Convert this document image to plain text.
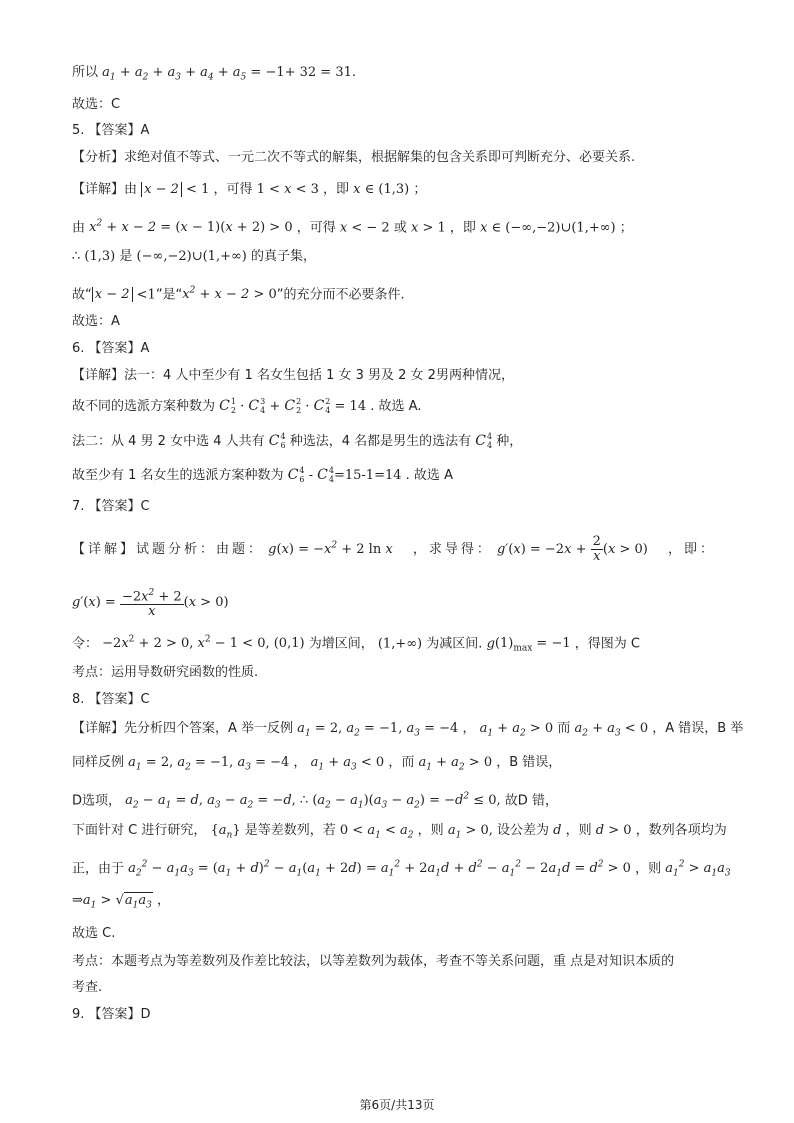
所以 $a_1 + a_2 + a_3 + a_4 + a_5 = -1+ 32 = 31$.
故选：C
5. 【答案】A
【分析】求绝对值不等式、一元二次不等式的解集，根据解集的包含关系即可判断充分、必要关系.
【详解】由 x − 2 < 1 ，可得 1 < x < 3 ，即 x ∈ (1,3) ；
由 $x^2 + x - 2 = (x - 1)(x + 2) > 0$ ，可得 x < − 2 或 x > 1 ，即 x ∈ (−∞,−2)∪(1,+∞) ；
∴ (1,3) 是 (−∞,−2)∪(1,+∞) 的真子集，
故“ x − 2 <1”是“$x^2 + x - 2 > 0$”的充分而不必要条件.
故选：A
6. 【答案】A
【详解】法一：4 人中至少有 1 名女生包括 1 女 3 男及 2 女 2男两种情况，
故不同的选派方案种数为 C 1
2 · C 3
4 + C 2
2 · C 2
4 = 14 . 故选 A.
法二：从 4 男 2 女中选 4 人共有 C 4
6 种选法，4 名都是男生的选法有 C 4
4 种，
故至少有 1 名女生的选派方案种数为 C 4
6 - C 4
4 =15-1=14 . 故选 A
7. 【答案】C
【详解】试题分析：由题： $g(x) = -x^2 + 2$ ln x ，求导得： $g'(x) = -2x + \frac{2}{x} (x > 0)$ ，即：
$g'(x) = \frac{-2x^2 + 2}{x} (x > 0)$
令： $-2x^2 + 2 > 0$, $x^2 - 1 < 0$, (0,1) 为增区间， (1,+∞) 为减区间. $g(1)_{max} = -1$ ，得图为 C
考点：运用导数研究函数的性质.
8. 【答案】C
【详解】先分析四个答案，A 举一反例 $a_1 = 2$, $a_2 = -1$, $a_3 = -4$ ， $a_1 + a_2 > 0$ 而 $a_2 + a_3 < 0$ ，A 错误，B 举
同样反例 $a_1 = 2$, $a_2 = -1$, $a_3 = -4$ ， $a_1 + a_3 < 0$ ，而 $a_1 + a_2 > 0$ ，B 错误，
D选项， $a_2 - a_1 = d$, $a_3 - a_2 = -d$, ∴ $(a_2 - a_1)(a_3 - a_2) = -d^2 \le 0$, 故D 错，
下面针对 C 进行研究， $\{a_n\}$ 是等差数列，若 $0 < a_1 < a_2$ ，则 $a_1 > 0$, 设公差为 d ，则 d > 0 ，数列各项均为
正，由于 $a_2^2 - a_1a_3 = (a_1 + d)^2 - a_1(a_1 + 2d) = a_1^2 + 2a_1d + d^2 - a_1^2 - 2a_1d = d^2 > 0$ ，则 $a_1^2 > a_1a_3$
$\Rightarrow a_1 > √a_1a_3$ ，
故选 C.
考点：本题考点为等差数列及作差比较法，以等差数列为载体，考查不等关系问题，重 点是对知识本质的
考查.
9. 【答案】D
第6页/共13页
